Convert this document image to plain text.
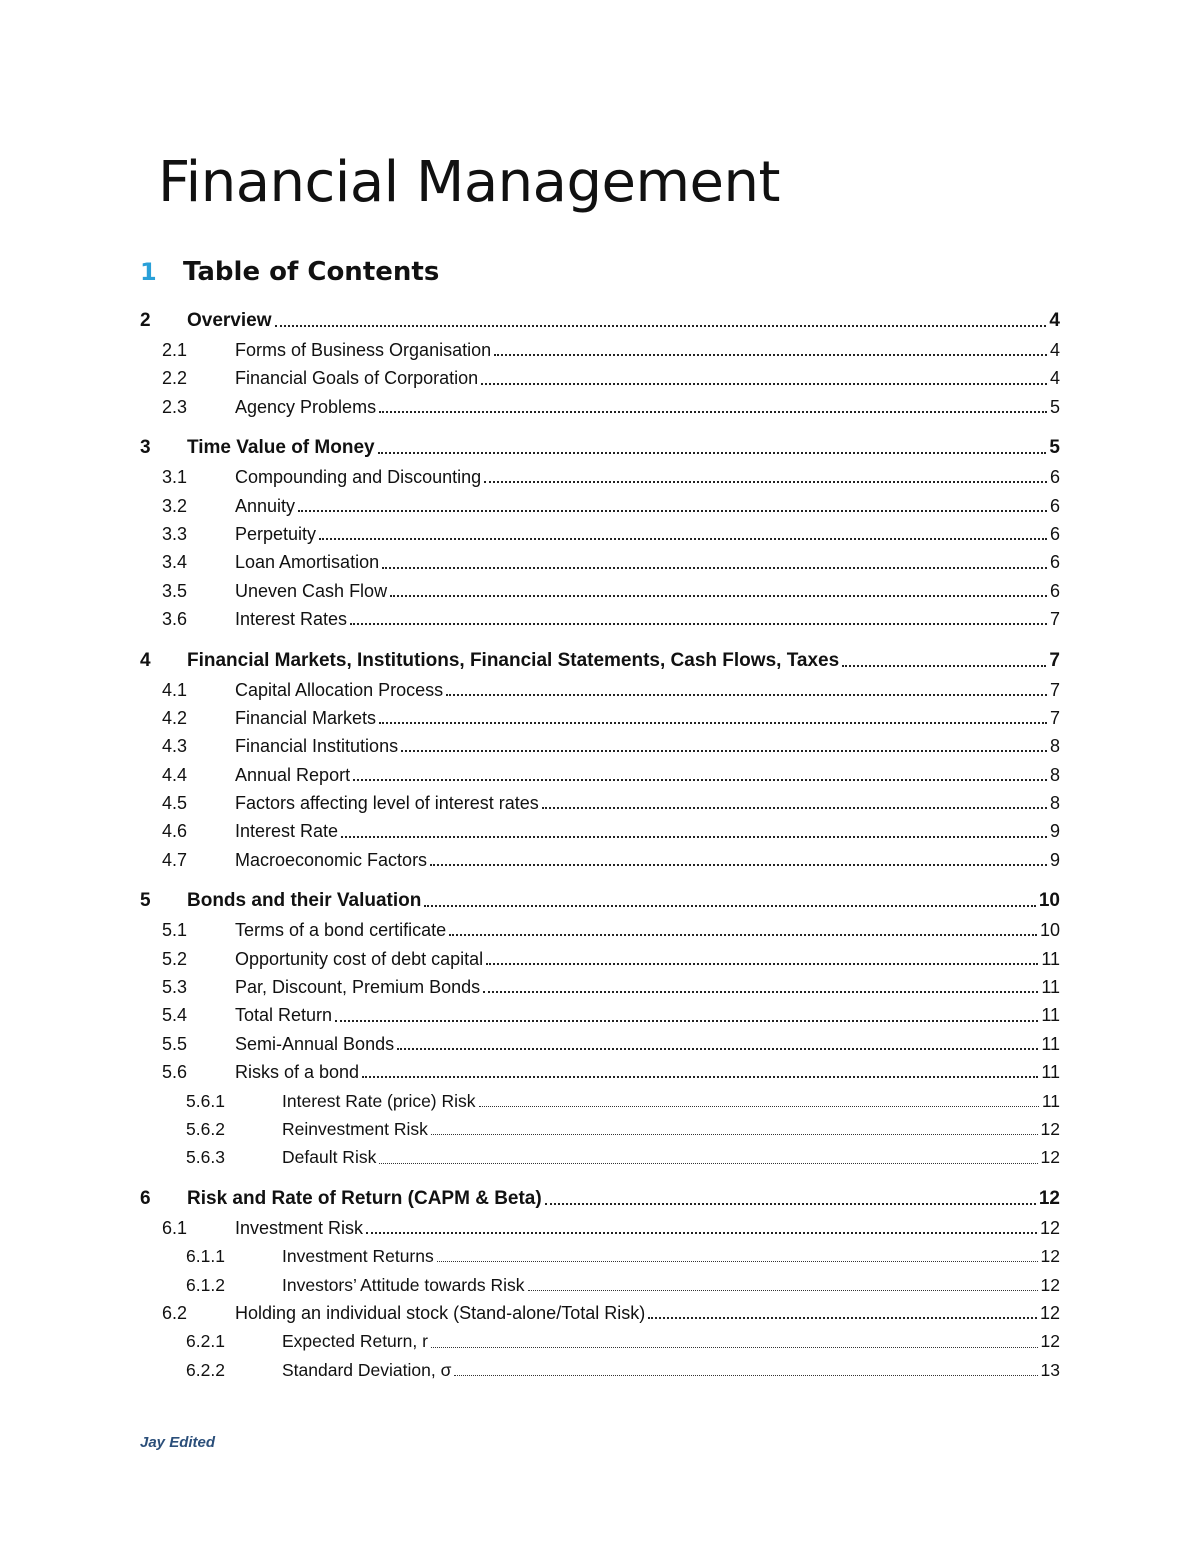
Financial Management
1	Table of Contents
2	Overview	4
2.1	Forms of Business Organisation	4
2.2	Financial Goals of Corporation	4
2.3	Agency Problems	5
3	Time Value of Money	5
3.1	Compounding and Discounting	6
3.2	Annuity	6
3.3	Perpetuity	6
3.4	Loan Amortisation	6
3.5	Uneven Cash Flow	6
3.6	Interest Rates	7
4	Financial Markets, Institutions, Financial Statements, Cash Flows, Taxes	7
4.1	Capital Allocation Process	7
4.2	Financial Markets	7
4.3	Financial Institutions	8
4.4	Annual Report	8
4.5	Factors affecting level of interest rates	8
4.6	Interest Rate	9
4.7	Macroeconomic Factors	9
5	Bonds and their Valuation	10
5.1	Terms of a bond certificate	10
5.2	Opportunity cost of debt capital	11
5.3	Par, Discount, Premium Bonds	11
5.4	Total Return	11
5.5	Semi-Annual Bonds	11
5.6	Risks of a bond	11
5.6.1	Interest Rate (price) Risk	11
5.6.2	Reinvestment Risk	12
5.6.3	Default Risk	12
6	Risk and Rate of Return (CAPM & Beta)	12
6.1	Investment Risk	12
6.1.1	Investment Returns	12
6.1.2	Investors’ Attitude towards Risk	12
6.2	Holding an individual stock (Stand-alone/Total Risk)	12
6.2.1	Expected Return, r	12
6.2.2	Standard Deviation, σ	13
Jay Edited
